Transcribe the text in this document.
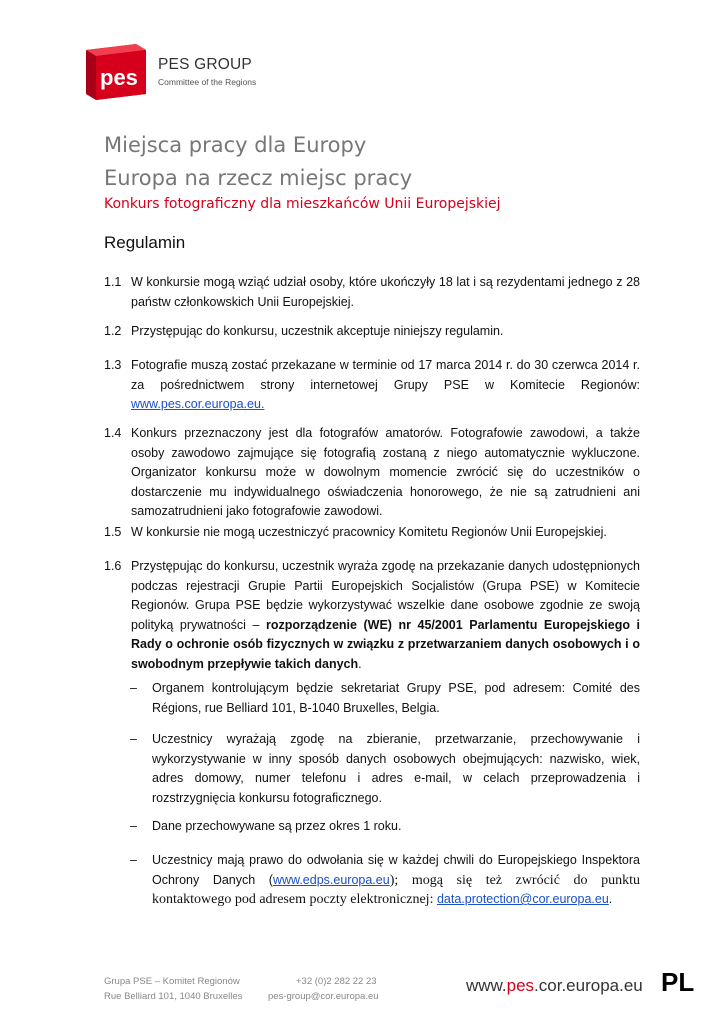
pes
PES GROUP
Committee of the Regions
Miejsca pracy dla Europy
Europa na rzecz miejsc pracy
Konkurs fotograficzny dla mieszkańców Unii Europejskiej
Regulamin
1.1 W konkursie mogą wziąć udział osoby, które ukończyły 18 lat i są rezydentami jednego z 28 państw członkowskich Unii Europejskiej.
1.2 Przystępując do konkursu, uczestnik akceptuje niniejszy regulamin.
1.3 Fotografie muszą zostać przekazane w terminie od 17 marca 2014 r. do 30 czerwca 2014 r. za pośrednictwem strony internetowej Grupy PSE w Komitecie Regionów: www.pes.cor.europa.eu.
1.4 Konkurs przeznaczony jest dla fotografów amatorów. Fotografowie zawodowi, a także osoby zawodowo zajmujące się fotografią zostaną z niego automatycznie wykluczone. Organizator konkursu może w dowolnym momencie zwrócić się do uczestników o dostarczenie mu indywidualnego oświadczenia honorowego, że nie są zatrudnieni ani samozatrudnieni jako fotografowie zawodowi.
1.5 W konkursie nie mogą uczestniczyć pracownicy Komitetu Regionów Unii Europejskiej.
1.6 Przystępując do konkursu, uczestnik wyraża zgodę na przekazanie danych udostępnionych podczas rejestracji Grupie Partii Europejskich Socjalistów (Grupa PSE) w Komitecie Regionów. Grupa PSE będzie wykorzystywać wszelkie dane osobowe zgodnie ze swoją polityką prywatności – rozporządzenie (WE) nr 45/2001 Parlamentu Europejskiego i Rady o ochronie osób fizycznych w związku z przetwarzaniem danych osobowych i o swobodnym przepływie takich danych.
– Organem kontrolującym będzie sekretariat Grupy PSE, pod adresem: Comité des Régions, rue Belliard 101, B-1040 Bruxelles, Belgia.
– Uczestnicy wyrażają zgodę na zbieranie, przetwarzanie, przechowywanie i wykorzystywanie w inny sposób danych osobowych obejmujących: nazwisko, wiek, adres domowy, numer telefonu i adres e-mail, w celach przeprowadzenia i rozstrzygnięcia konkursu fotograficznego.
– Dane przechowywane są przez okres 1 roku.
– Uczestnicy mają prawo do odwołania się w każdej chwili do Europejskiego Inspektora Ochrony Danych (www.edps.europa.eu); mogą się też zwrócić do punktu kontaktowego pod adresem poczty elektronicznej: data.protection@cor.europa.eu.
Grupa PSE – Komitet Regionów
Rue Belliard 101, 1040 Bruxelles
+32 (0)2 282 22 23
pes-group@cor.europa.eu
www.pes.cor.europa.eu PL
